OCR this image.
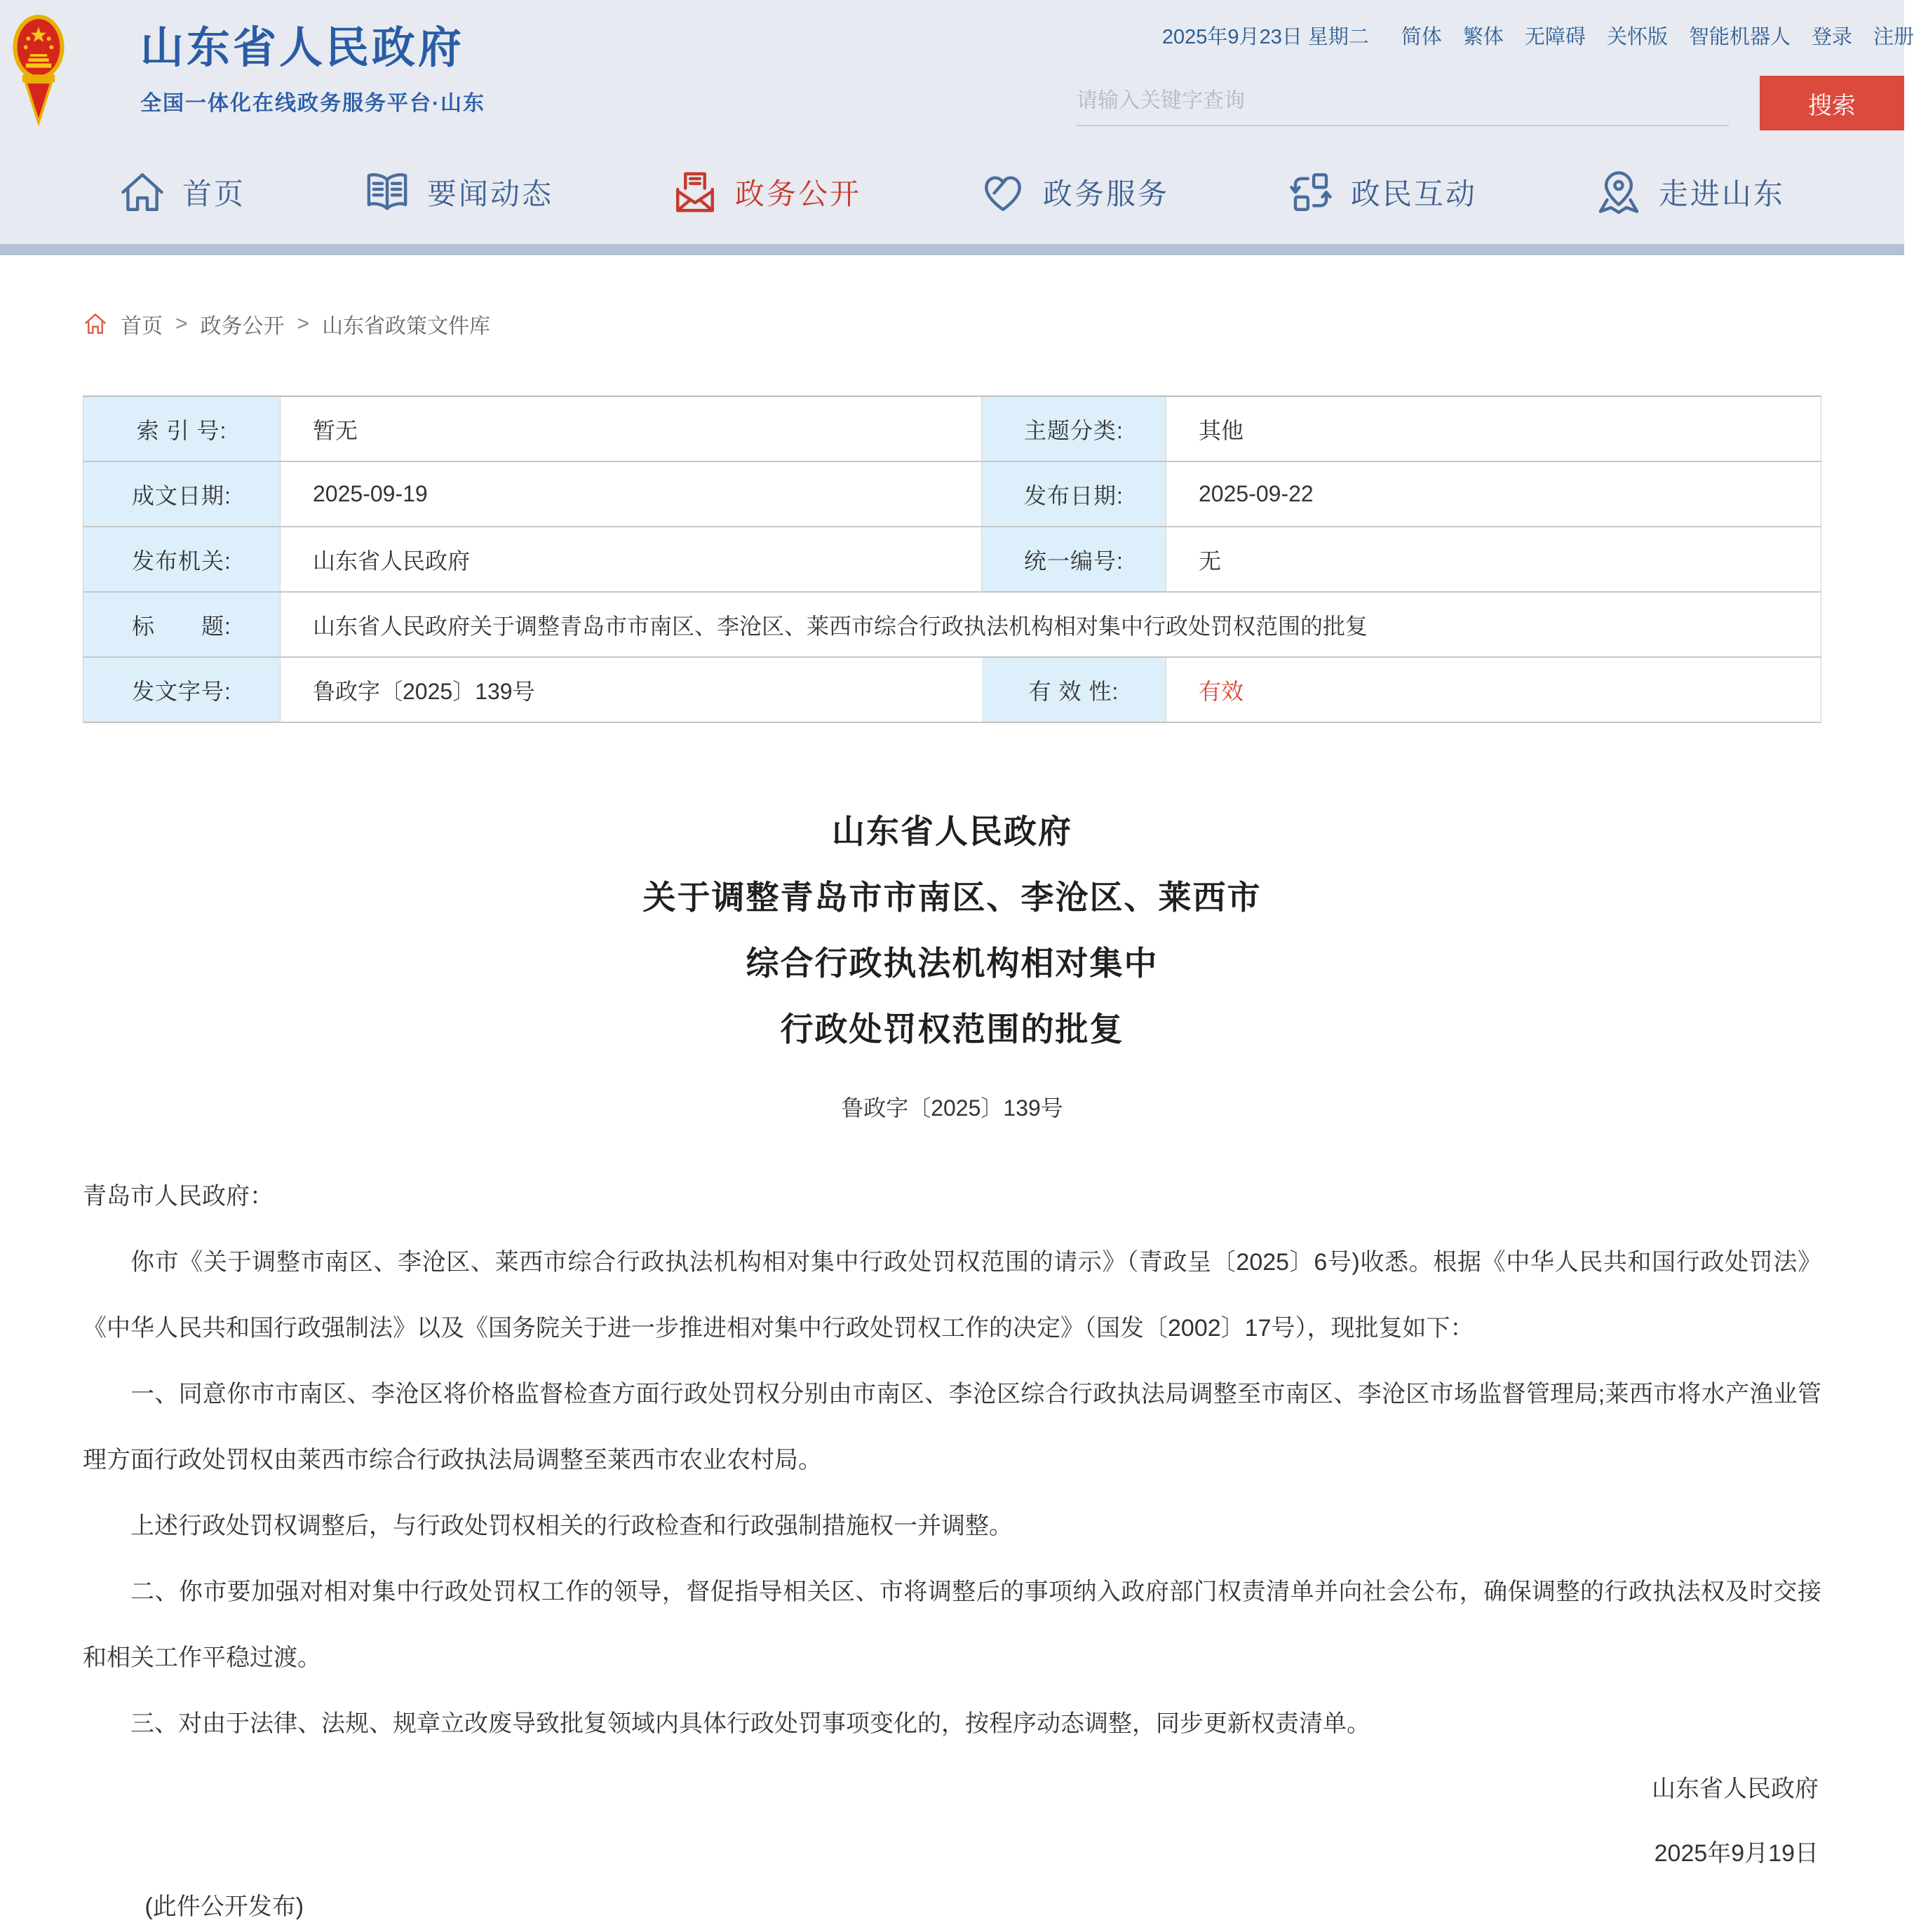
山东省人民政府
全国一体化在线政务服务平台·山东
2025年9月23日 星期二 简体 繁体 无障碍 关怀版 智能机器人 登录 注册
请输入关键字查询
搜索
首页	要闻动态	政务公开	政务服务	政民互动	走进山东
首页 > 政务公开 > 山东省政策文件库
索 引 号:	暂无	主题分类:	其他
成文日期:	2025-09-19	发布日期:	2025-09-22
发布机关:	山东省人民政府	统一编号:	无
标　　题:	山东省人民政府关于调整青岛市市南区、李沧区、莱西市综合行政执法机构相对集中行政处罚权范围的批复
发文字号:	鲁政字〔2025〕139号	有 效 性:	有效
山东省人民政府
关于调整青岛市市南区、李沧区、莱西市
综合行政执法机构相对集中
行政处罚权范围的批复
鲁政字〔2025〕139号

青岛市人民政府：

你市《关于调整市南区、李沧区、莱西市综合行政执法机构相对集中行政处罚权范围的请示》（青政呈〔2025〕6号)收悉。根据《中华人民共和国行政处罚法》《中华人民共和国行政强制法》以及《国务院关于进一步推进相对集中行政处罚权工作的决定》（国发〔2002〕17号），现批复如下：

一、同意你市市南区、李沧区将价格监督检查方面行政处罚权分别由市南区、李沧区综合行政执法局调整至市南区、李沧区市场监督管理局;莱西市将水产渔业管理方面行政处罚权由莱西市综合行政执法局调整至莱西市农业农村局。

上述行政处罚权调整后，与行政处罚权相关的行政检查和行政强制措施权一并调整。

二、你市要加强对相对集中行政处罚权工作的领导，督促指导相关区、市将调整后的事项纳入政府部门权责清单并向社会公布，确保调整的行政执法权及时交接和相关工作平稳过渡。

三、对由于法律、法规、规章立改废导致批复领域内具体行政处罚事项变化的，按程序动态调整，同步更新权责清单。

山东省人民政府
2025年9月19日
(此件公开发布)
